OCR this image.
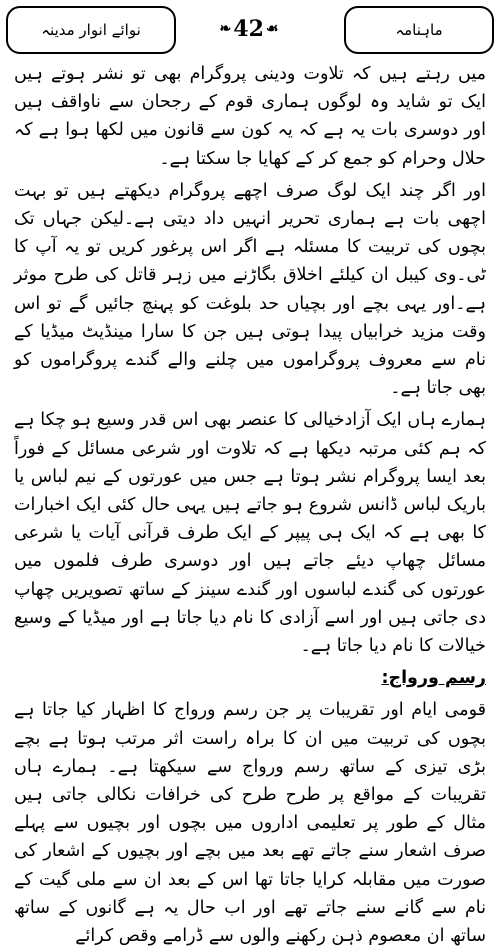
نوائے انوار مدینہ	❧ 42 ☙	ماہنامہ

میں رہتے ہیں کہ تلاوت ودینی پروگرام بھی تو نشر ہوتے ہیں ایک تو شاید وہ لوگوں ہماری قوم کے رجحان سے ناواقف ہیں اور دوسری بات یہ ہے کہ یہ کون سے قانون میں لکھا ہوا ہے کہ حلال وحرام کو جمع کر کے کھایا جا سکتا ہے۔

اور اگر چند ایک لوگ صرف اچھے پروگرام دیکھتے ہیں تو بہت اچھی بات ہے ہماری تحریر انہیں داد دیتی ہے۔لیکن جہاں تک بچوں کی تربیت کا مسئلہ ہے اگر اس پرغور کریں تو یہ آپ کا ٹی۔وی کیبل ان کیلئے اخلاق بگاڑنے میں زہر قاتل کی طرح موثر ہے۔اور یہی بچے اور بچیاں حد بلوغت کو پہنچ جائیں گے تو اس وقت مزید خرابیاں پیدا ہوتی ہیں جن کا سارا مینڈیٹ میڈیا کے نام سے معروف پروگراموں میں چلنے والے گندے پروگراموں کو بھی جاتا ہے۔

ہمارے ہاں ایک آزادخیالی کا عنصر بھی اس قدر وسیع ہو چکا ہے کہ ہم کئی مرتبہ دیکھا ہے کہ تلاوت اور شرعی مسائل کے فوراً بعد ایسا پروگرام نشر ہوتا ہے جس میں عورتوں کے نیم لباس یا باریک لباس ڈانس شروع ہو جاتے ہیں یہی حال کئی ایک اخبارات کا بھی ہے کہ ایک ہی پیپر کے ایک طرف قرآنی آیات یا شرعی مسائل چھاپ دیئے جاتے ہیں اور دوسری طرف فلموں میں عورتوں کی گندے لباسوں اور گندے سینز کے ساتھ تصویریں چھاپ دی جاتی ہیں اور اسے آزادی کا نام دیا جاتا ہے اور میڈیا کے وسیع خیالات کا نام دیا جاتا ہے۔

رسم ورواج:

قومی ایام اور تقریبات پر جن رسم ورواج کا اظہار کیا جاتا ہے بچوں کی تربیت میں ان کا براہ راست اثر مرتب ہوتا ہے بچے بڑی تیزی کے ساتھ رسم ورواج سے سیکھتا ہے۔ ہمارے ہاں تقریبات کے مواقع پر طرح طرح کی خرافات نکالی جاتی ہیں مثال کے طور پر تعلیمی اداروں میں بچوں اور بچیوں سے پہلے صرف اشعار سنے جاتے تھے بعد میں بچے اور بچیوں کے اشعار کی صورت میں مقابلہ کرایا جاتا تھا اس کے بعد ان سے ملی گیت کے نام سے گانے سنے جاتے تھے اور اب حال یہ ہے گانوں کے ساتھ ساتھ ان معصوم ذہن رکھنے والوں سے ڈرامے وقص کرائے
